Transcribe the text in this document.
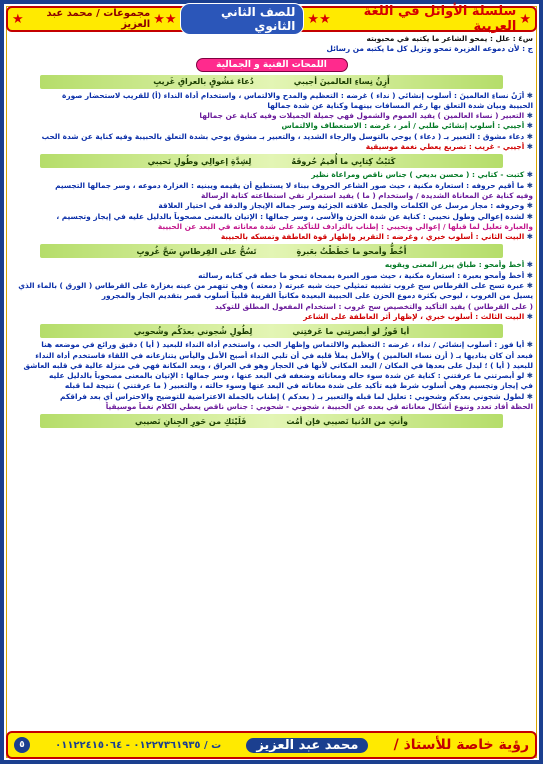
★
سلسلة الأوائل في اللغة العربية
★
★
للصف الثاني الثانوي
★
★
مجموعات / محمد عبد العزيز
★
س٤ : علل : يمحو الشاعر ما يكتبه في محبوبته
ج : لأن دموعه الغزيرة تمحو وتزيل كل ما يكتبه من رسائل
اللمحات الفنية و الجمالية
أَزِنُ نِساءِ العالمينَ أجيبي
دُعاءَ مَشُوقٍ بالعراقِ غَريبِ
✱ أَزَنُ نساءِ العالمينَ : أسلوب إنشائي ( نداء ) غرضه : التعظيم والمدح والالتماس ، واستخدام أداة النداء (أ) للقريب لاستحضار صورة
الحبيبة وبيان شدة التعلق بها رغم المسافات بينهما وكناية عن شدة جمالها
✱ التعبير ( نساء العالمين ) يفيد العموم والشمول فهي جميلة الجميلات وفيه كناية عن جمالها
✱ أجيبي : أسلوب إنشائي طلبي / أمر ، غرضه : الاستعطاف والالتماس
✱ دعاء مشوق : التعبير بـ ( دعاء ) يوحي بالتوسل والرجاء الشديد ، والتعبير بـ مشوق يوحي بشدة التعلق بالحبيبة وفيه كناية عن شدة الحب
✱ أجيبي - غريب : تصريع يعطي نغمة موسيقية
كَتَبْتُ كِتابِي ما أُقيمُ حُروفَهُ
لِشِدَّةِ إعوالِي وطُولِ نَحيبي
✱ كتبت - كتابي : ( محسن بديعي ) جناس ناقص ومراعاة نظير
✱ ما أقيم حروفه : استعارة مكنية ، حيث صور الشاعر الحروف ببناء لا يستطيع أن يقيمه ويبنيه : الغزارة دموعه ، وسر جمالها التجسيم
وفيه كناية عن المعاناة الشديدة / واستخدام ( ما ) يفيد استمرار نفي استطاعته كتابة الرسالة
✱ وحروفه : مجاز مرسل عن الكلمات والجمل علاقته الجزئية وسر جماله الإيجاز والدقة في اختيار العلاقة
✱ لشدة إعوالي وطول نحيبي : كناية عن شدة الحزن والأسى ، وسر جمالها : الإتيان بالمعنى مصحوباً بالدليل عليه في إيجاز وتجسيم ،
والعبارة تعليل لما قبلها / إعوالي ونحيبي : إطناب بالترادف للتأكيد على شدة معاناته في البعد عن الحبيبة
✱ البيت الثاني : أسلوب خبري ، وغرضه : التقرير وإظهار قوة العاطفة وتمسكه بالحبيبة
أَخُطُّ وأمحو ما خَطَطْتُ بعَبرةٍ
تَسُحُّ على القِرطاسِ سَحَّ غُروبِ
✱ أخط وأمحو : طباق يبرز المعنى ويقويه
✱ أخط وأمحو بعبرة : استعارة مكنية ، حيث صور العبرة بممحاة تمحو ما خطه في كتابه رسالته
✱ عبرة تسح على القرطاس سح غروب تشبيه تمثيلي حيث شبه عبرته ( دمعته ) وهي تنهمر من عينه بغزارة على القرطاس ( الورق ) بالماء الذي
يسيل من الغروب ، ليوحي بكثرة دموع الحزن على الحبيبة البعيدة مكانياً القريبة قلبياً أسلوب قصر بتقديم الجار والمجرور
( على القرطاس ) يفيد التأكيد والتخصيص سح غروب : استخدام المفعول المطلق للتوكيد
✱ البيت الثالث : أسلوب خبري ، لإظهار أثر العاطفة على الشاعر
أيا فَوزُ لو أبصرتِني ما عَرفتِني
لِطُولِ شُجوني بعدَكُم وشُحوبي
✱ أيا فوز : أسلوب إنشائي / نداء ، غرضه : التعظيم والالتماس وإظهار الحب ، واستخدم أداة النداء للبعيد ( أيا ) دقيق ورائع في موضعه هنا
فبعد أن كان يناديها بـ ( أزن نساء العالمين ) والأمل يملأ قلبه في أن تلبي النداء أصبح الأمل واليأس يتنازعانه في اللقاء فاستخدم أداة النداء
للبعيد ( أيا ) ؛ ليدل على بعدها في المكان / البعد المكاني لأنها في الحجاز وهو في العراق ، ويعد المكانة فهي في منزلة عالية في قلبه العاشق
✱ لو أبصرتني ما عرفتني : كناية عن شدة سوء حاله ومعاناته وضعفه في البعد عنها ، وسر جمالها : الإتيان بالمعنى مصحوباً بالدليل عليه
في إيجاز وتجسيم وهي أسلوب شرط فيه تأكيد على شدة معاناته في البعد عنها وسوء حالته ، والتعبير ( ما عرفتني ) نتيجة لما قبله
✱ لطول شجوني بعدكم وشحوبي : تعليل لما قبله والتعبير بـ ( بعدكم ) إطناب بالجملة الاعتراضية للتوضيح والاحتراس أي بعد فراقكم
الحظة أفاد تعدد وتنوع أشكال معاناته في بعده عن الحبيبة ، شجوني - شحوبي : جناس ناقص يعطي الكلام نغماً موسيقياً
وأنتِ من الدُنيا نَصيبي فإن أمُت
فَلَيْتَكِ من حَورِ الجِنانِ نَصيبي
رؤية خاصة للأستاذ /
محمد عبد العزيز
ت / ٠١٢٢٧٣٦١٩٣٥ - ٠١١٢٢٤١٥٠٦٤
٥
